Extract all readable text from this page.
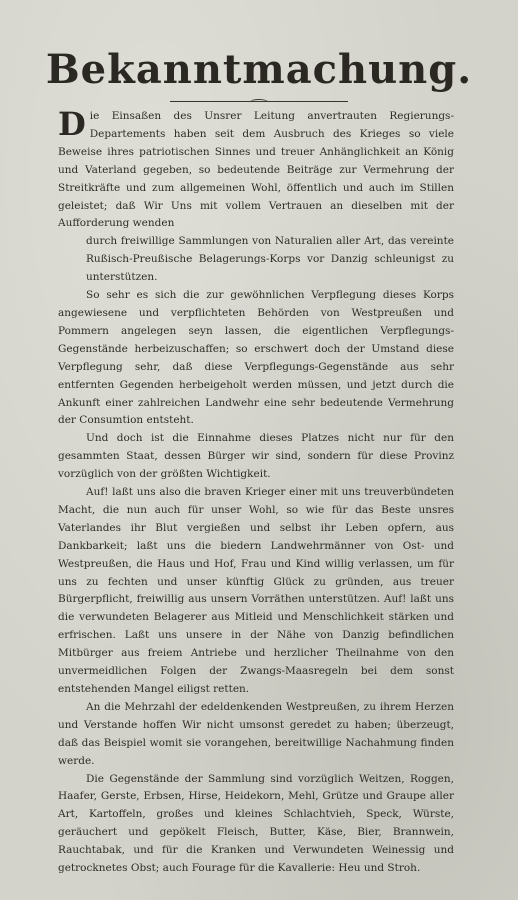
Bekanntmachung.

Die Einsaßen des Unsrer Leitung anvertrauten Regierungs-Departements haben seit dem Ausbruch des Krieges so viele Beweise ihres patriotischen Sinnes und treuer Anhänglichkeit an König und Vaterland gegeben, so bedeutende Beiträge zur Vermehrung der Streitkräfte und zum allgemeinen Wohl, öffentlich und auch im Stillen geleistet; daß Wir Uns mit vollem Vertrauen an dieselben mit der Aufforderung wenden

durch freiwillige Sammlungen von Naturalien aller Art, das vereinte Rußisch-Preußische Belagerungs-Korps vor Danzig schleunigst zu unterstützen.

So sehr es sich die zur gewöhnlichen Verpflegung dieses Korps angewiesene und verpflichteten Behörden von Westpreußen und Pommern angelegen seyn lassen, die eigentlichen Verpflegungs-Gegenstände herbeizuschaffen; so erschwert doch der Umstand diese Verpflegung sehr, daß diese Verpflegungs-Gegenstände aus sehr entfernten Gegenden herbeigeholt werden müssen, und jetzt durch die Ankunft einer zahlreichen Landwehr eine sehr bedeutende Vermehrung der Consumtion entsteht.

Und doch ist die Einnahme dieses Platzes nicht nur für den gesammten Staat, dessen Bürger wir sind, sondern für diese Provinz vorzüglich von der größten Wichtigkeit.

Auf! laßt uns also die braven Krieger einer mit uns treuverbündeten Macht, die nun auch für unser Wohl, so wie für das Beste unsres Vaterlandes ihr Blut vergießen und selbst ihr Leben opfern, aus Dankbarkeit; laßt uns die biedern Landwehrmänner von Ost- und Westpreußen, die Haus und Hof, Frau und Kind willig verlassen, um für uns zu fechten und unser künftig Glück zu gründen, aus treuer Bürgerpflicht, freiwillig aus unsern Vorräthen unterstützen. Auf! laßt uns die verwundeten Belagerer aus Mitleid und Menschlichkeit stärken und erfrischen. Laßt uns unsere in der Nähe von Danzig befindlichen Mitbürger aus freiem Antriebe und herzlicher Theilnahme von den unvermeidlichen Folgen der Zwangs-Maasregeln bei dem sonst entstehenden Mangel eiligst retten.

An die Mehrzahl der edeldenkenden Westpreußen, zu ihrem Herzen und Verstande hoffen Wir nicht umsonst geredet zu haben; überzeugt, daß das Beispiel womit sie vorangehen, bereitwillige Nachahmung finden werde.

Die Gegenstände der Sammlung sind vorzüglich Weitzen, Roggen, Haafer, Gerste, Erbsen, Hirse, Heidekorn, Mehl, Grütze und Graupe aller Art, Kartoffeln, großes und kleines Schlachtvieh, Speck, Würste, geräuchert und gepökelt Fleisch, Butter, Käse, Bier, Brannwein, Rauchtabak, und für die Kranken und Verwundeten Weinessig und getrocknetes Obst; auch Fourage für die Kavallerie: Heu und Stroh.
